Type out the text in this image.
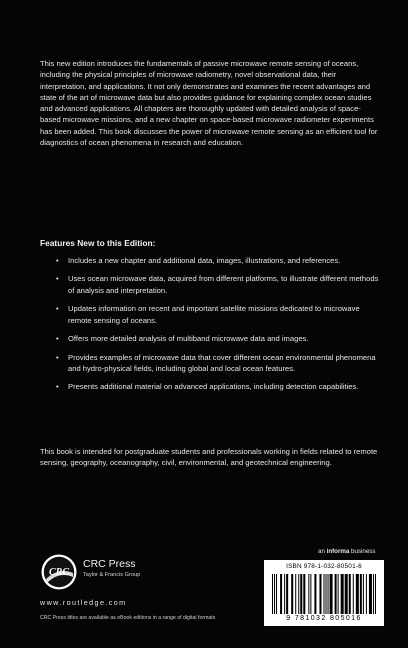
This new edition introduces the fundamentals of passive microwave remote sensing of oceans, including the physical principles of microwave radiometry, novel observational data, their interpretation, and applications. It not only demonstrates and examines the recent advantages and state of the art of microwave data but also provides guidance for explaining complex ocean studies and advanced applications. All chapters are thoroughly updated with detailed analysis of space-based microwave missions, and a new chapter on space-based microwave radiometer experiments has been added. This book discusses the power of microwave remote sensing as an efficient tool for diagnostics of ocean phenomena in research and education.

Features New to this Edition:

• Includes a new chapter and additional data, images, illustrations, and references.
• Uses ocean microwave data, acquired from different platforms, to illustrate different methods of analysis and interpretation.
• Updates information on recent and important satellite missions dedicated to microwave remote sensing of oceans.
• Offers more detailed analysis of multiband microwave data and images.
• Provides examples of microwave data that cover different ocean environmental phenomena and hydro-physical fields, including global and local ocean features.
• Presents additional material on advanced applications, including detection capabilities.

This book is intended for postgraduate students and professionals working in fields related to remote sensing, geography, oceanography, civil, environmental, and geotechnical engineering.

an informa business
CRC
CRC Press
Taylor & Francis Group
www.routledge.com
CRC Press titles are available as eBook editions in a range of digital formats
ISBN 978-1-032-80501-6
9 781032 805016
